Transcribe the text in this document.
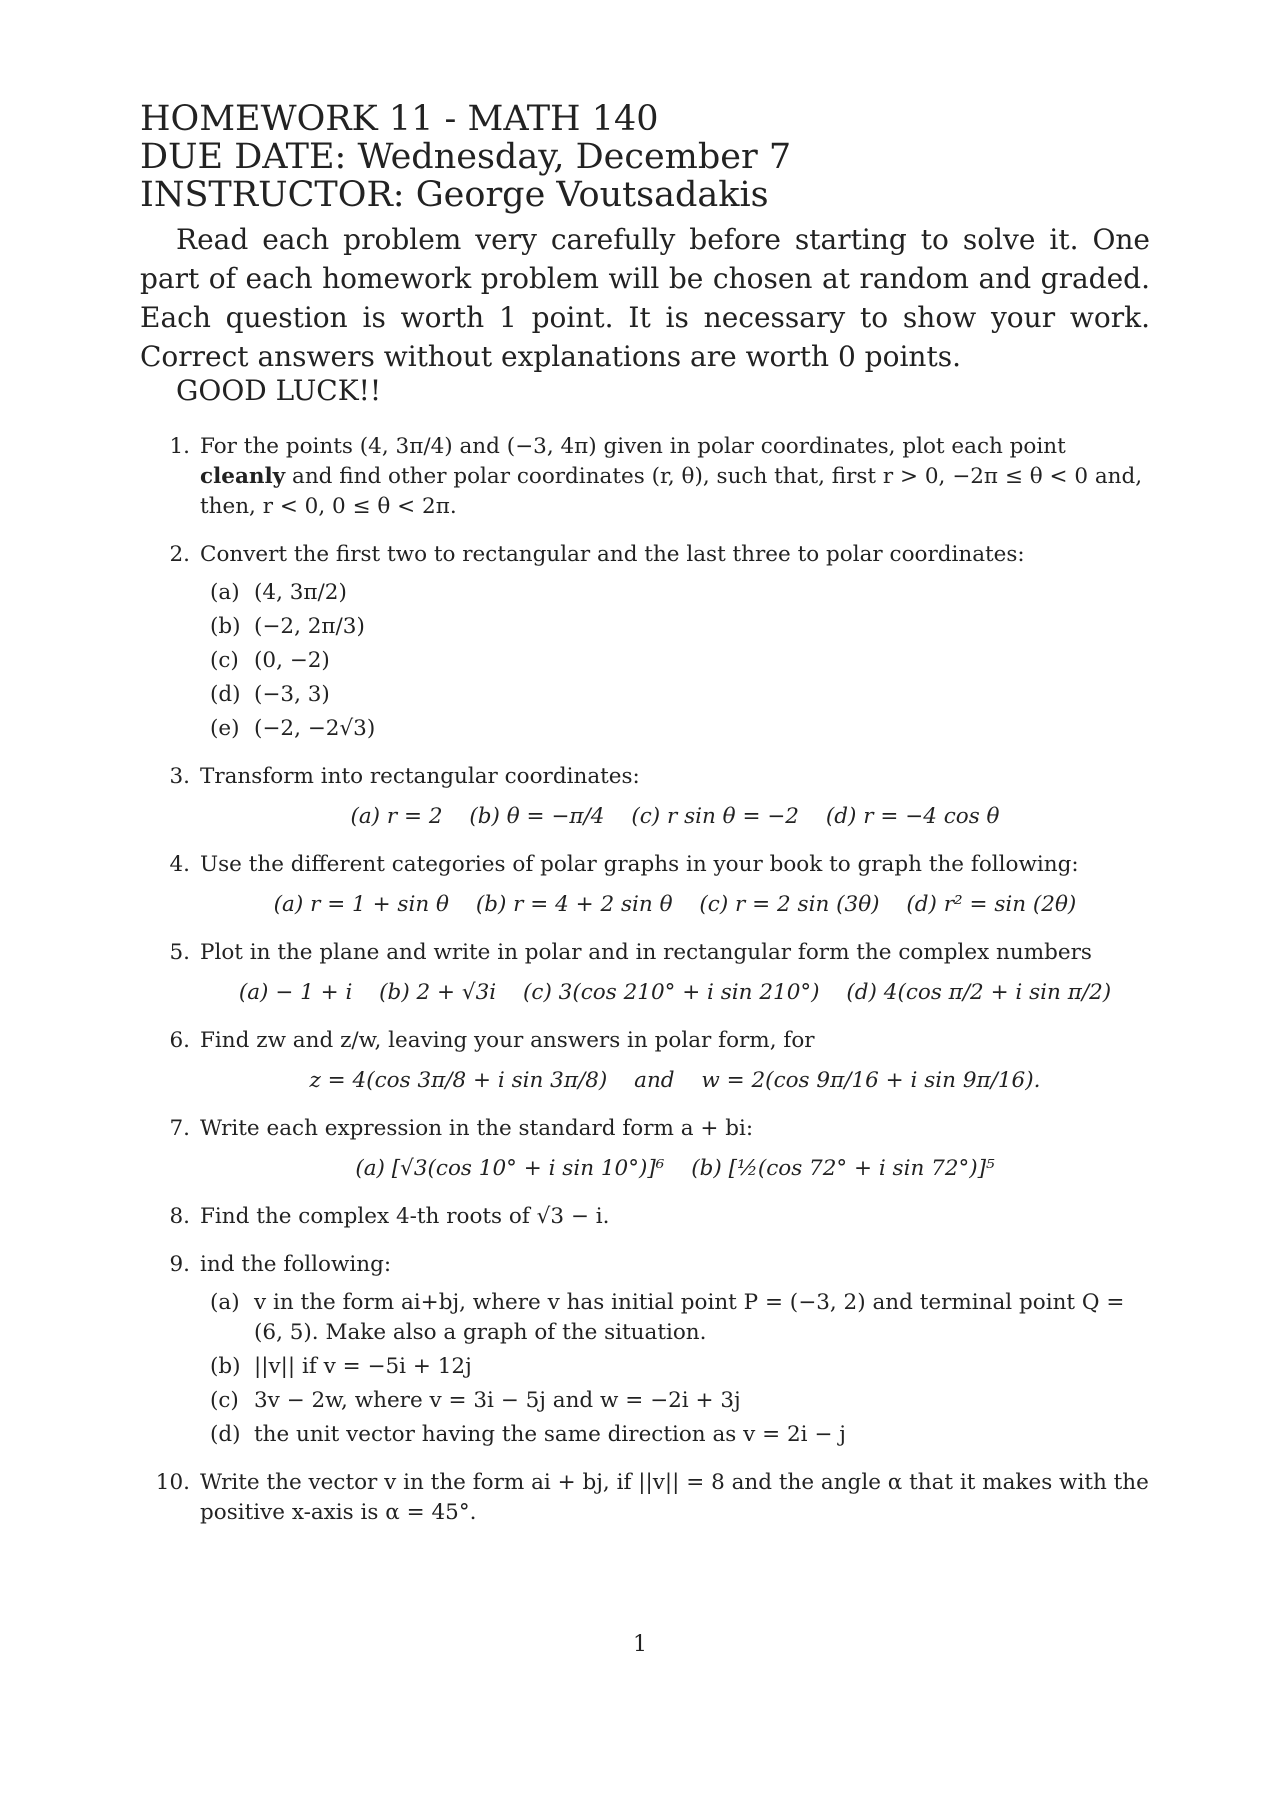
HOMEWORK 11 - MATH 140
DUE DATE: Wednesday, December 7
INSTRUCTOR: George Voutsadakis

Read each problem very carefully before starting to solve it. One part of each homework problem will be chosen at random and graded. Each question is worth 1 point. It is necessary to show your work. Correct answers without explanations are worth 0 points.

GOOD LUCK!!
1. For the points (4, 3π/4) and (−3, 4π) given in polar coordinates, plot each point cleanly and find other polar coordinates (r, θ), such that, first r > 0, −2π ≤ θ < 0 and, then, r < 0, 0 ≤ θ < 2π.
2. Convert the first two to rectangular and the last three to polar coordinates:
(a) (4, 3π/2)
(b) (−2, 2π/3)
(c) (0, −2)
(d) (−3, 3)
(e) (−2, −2√3)
3. Transform into rectangular coordinates:
(a) r = 2 (b) θ = −π/4 (c) r sin θ = −2 (d) r = −4 cos θ
4. Use the different categories of polar graphs in your book to graph the following:
(a) r = 1 + sin θ (b) r = 4 + 2 sin θ (c) r = 2 sin (3θ) (d) r² = sin (2θ)
5. Plot in the plane and write in polar and in rectangular form the complex numbers
(a) − 1 + i (b) 2 + √3i (c) 3(cos 210° + i sin 210°) (d) 4(cos π/2 + i sin π/2)
6. Find zw and z/w, leaving your answers in polar form, for
z = 4(cos 3π/8 + i sin 3π/8) and w = 2(cos 9π/16 + i sin 9π/16).
7. Write each expression in the standard form a + bi:
(a) [√3(cos 10° + i sin 10°)]⁶ (b) [½(cos 72° + i sin 72°)]⁵
8. Find the complex 4-th roots of √3 − i.
9. ind the following:
(a) v in the form ai+bj, where v has initial point P = (−3, 2) and terminal point Q = (6, 5). Make also a graph of the situation.
(b) ||v|| if v = −5i + 12j
(c) 3v − 2w, where v = 3i − 5j and w = −2i + 3j
(d) the unit vector having the same direction as v = 2i − j
10. Write the vector v in the form ai + bj, if ||v|| = 8 and the angle α that it makes with the positive x-axis is α = 45°.
1
